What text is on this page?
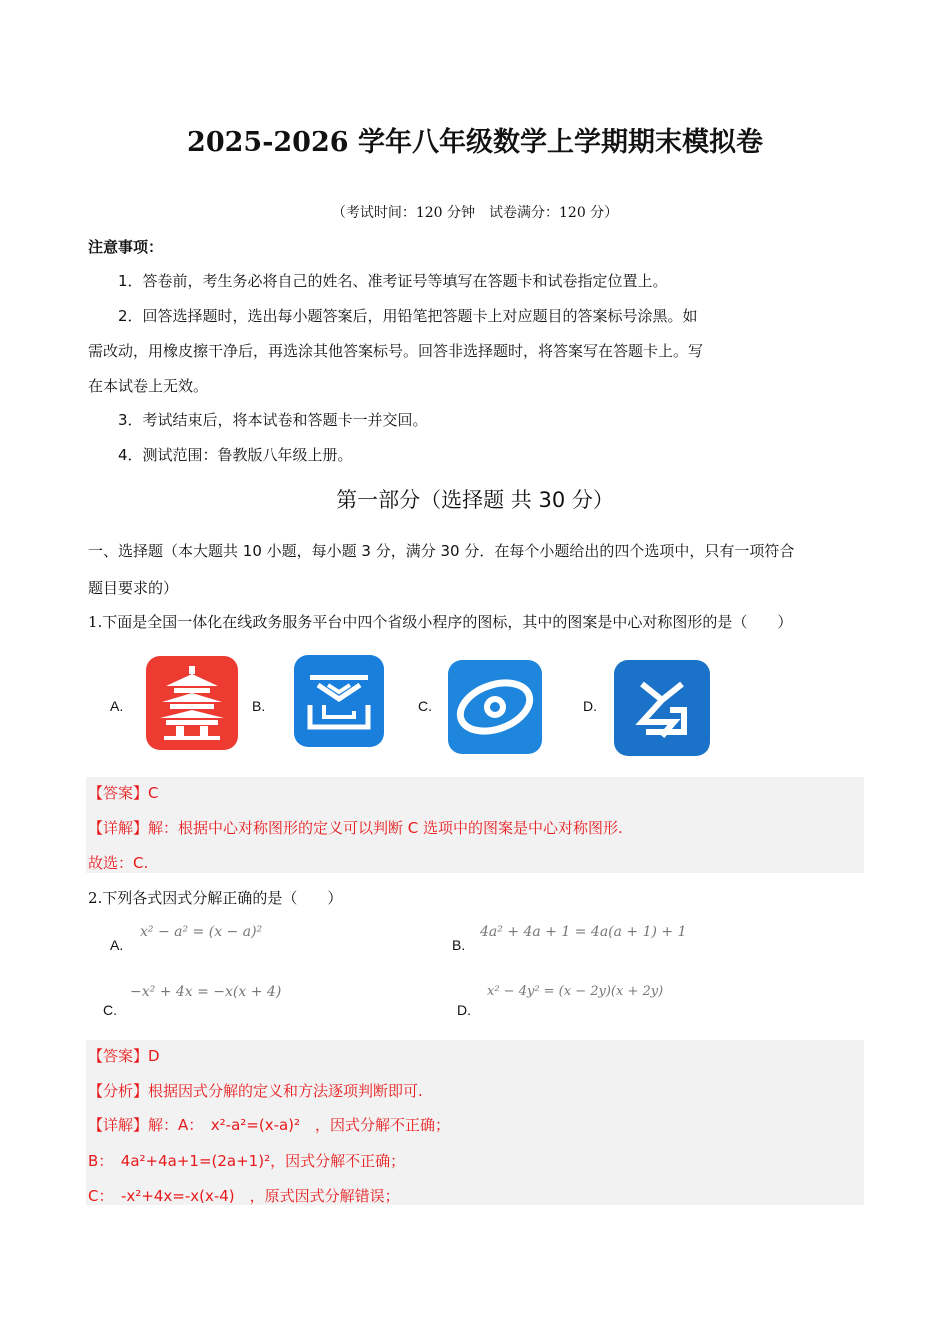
2025-2026 学年八年级数学上学期期末模拟卷
（考试时间：120 分钟　试卷满分：120 分）
注意事项：
1．答卷前，考生务必将自己的姓名、准考证号等填写在答题卡和试卷指定位置上。
2．回答选择题时，选出每小题答案后，用铅笔把答题卡上对应题目的答案标号涂黑。如
需改动，用橡皮擦干净后，再选涂其他答案标号。回答非选择题时，将答案写在答题卡上。写
在本试卷上无效。
3．考试结束后，将本试卷和答题卡一并交回。
4．测试范围：鲁教版八年级上册。
第一部分（选择题 共 30 分）
一、选择题（本大题共 10 小题，每小题 3 分，满分 30 分．在每个小题给出的四个选项中，只有一项符合
题目要求的）
1.下面是全国一体化在线政务服务平台中四个省级小程序的图标，其中的图案是中心对称图形的是（　　）
A.	B.	C.	D.
【答案】C
【详解】解：根据中心对称图形的定义可以判断 C 选项中的图案是中心对称图形.
故选：C.
2.下列各式因式分解正确的是（　　）
A.
x² − a² = (x − a)²
B.
4a² + 4a + 1 = 4a(a + 1) + 1
C.
−x² + 4x = −x(x + 4)
D.
x² − 4y² = (x − 2y)(x + 2y)
【答案】D
【分析】根据因式分解的定义和方法逐项判断即可.
【详解】解：A：　x²-a²=(x-a)²　，因式分解不正确；
B：　4a²+4a+1=(2a+1)²，因式分解不正确；
C：　-x²+4x=-x(x-4)　，原式因式分解错误；
